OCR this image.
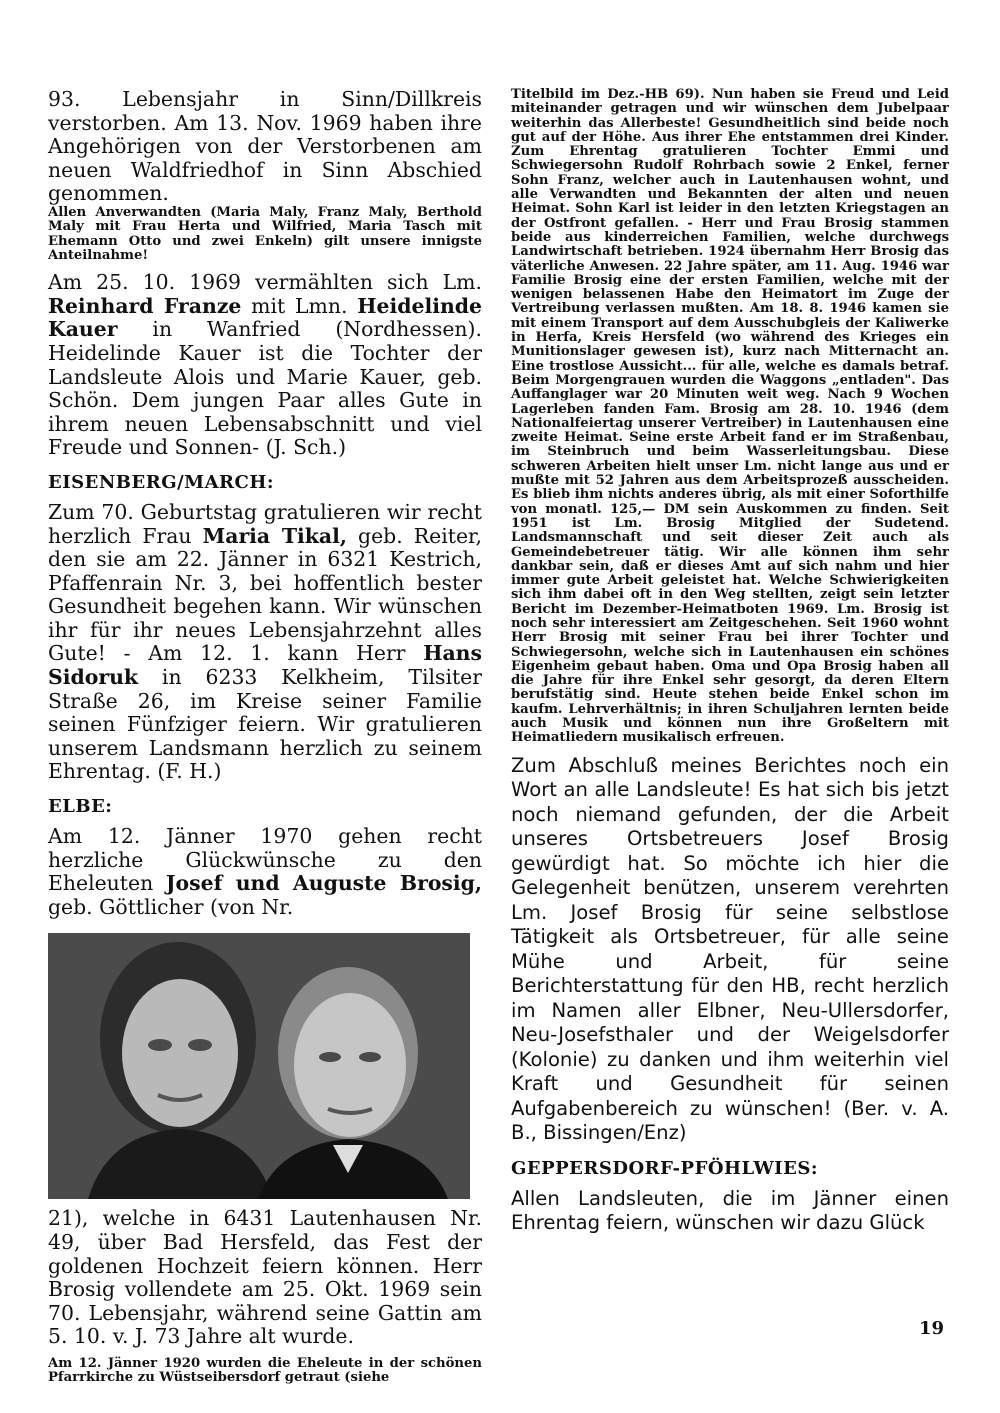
93. Lebensjahr in Sinn/Dillkreis verstorben. Am 13. Nov. 1969 haben ihre Angehörigen von der Verstorbenen am neuen Waldfriedhof in Sinn Abschied genommen.

Allen Anverwandten (Maria Maly, Franz Maly, Berthold Maly mit Frau Herta und Wilfried, Maria Tasch mit Ehemann Otto und zwei Enkeln) gilt unsere innigste Anteilnahme!

Am 25. 10. 1969 vermählten sich Lm. Reinhard Franze mit Lmn. Heidelinde Kauer in Wanfried (Nordhessen). Heidelinde Kauer ist die Tochter der Landsleute Alois und Marie Kauer, geb. Schön. Dem jungen Paar alles Gute in ihrem neuen Lebensabschnitt und viel Freude und Sonnen- (J. Sch.)

EISENBERG/MARCH:

Zum 70. Geburtstag gratulieren wir recht herzlich Frau Maria Tikal, geb. Reiter, den sie am 22. Jänner in 6321 Kestrich, Pfaffenrain Nr. 3, bei hoffentlich bester Gesundheit begehen kann. Wir wünschen ihr für ihr neues Lebensjahrzehnt alles Gute! - Am 12. 1. kann Herr Hans Sidoruk in 6233 Kelkheim, Tilsiter Straße 26, im Kreise seiner Familie seinen Fünfziger feiern. Wir gratulieren unserem Landsmann herzlich zu seinem Ehrentag. (F. H.)

ELBE:

Am 12. Jänner 1970 gehen recht herzliche Glückwünsche zu den Eheleuten Josef und Auguste Brosig, geb. Göttlicher (von Nr.

21), welche in 6431 Lautenhausen Nr. 49, über Bad Hersfeld, das Fest der goldenen Hochzeit feiern können. Herr Brosig vollendete am 25. Okt. 1969 sein 70. Lebensjahr, während seine Gattin am 5. 10. v. J. 73 Jahre alt wurde.

Am 12. Jänner 1920 wurden die Eheleute in der schönen Pfarrkirche zu Wüstseibersdorf getraut (siehe

Titelbild im Dez.-HB 69). Nun haben sie Freud und Leid miteinander getragen und wir wünschen dem Jubelpaar weiterhin das Allerbeste! Gesundheitlich sind beide noch gut auf der Höhe. Aus ihrer Ehe entstammen drei Kinder. Zum Ehrentag gratulieren Tochter Emmi und Schwiegersohn Rudolf Rohrbach sowie 2 Enkel, ferner Sohn Franz, welcher auch in Lautenhausen wohnt, und alle Verwandten und Bekannten der alten und neuen Heimat. Sohn Karl ist leider in den letzten Kriegstagen an der Ostfront gefallen. - Herr und Frau Brosig stammen beide aus kinderreichen Familien, welche durchwegs Landwirtschaft betrieben. 1924 übernahm Herr Brosig das väterliche Anwesen. 22 Jahre später, am 11. Aug. 1946 war Familie Brosig eine der ersten Familien, welche mit der wenigen belassenen Habe den Heimatort im Zuge der Vertreibung verlassen mußten. Am 18. 8. 1946 kamen sie mit einem Transport auf dem Ausschubgleis der Kaliwerke in Herfa, Kreis Hersfeld (wo während des Krieges ein Munitionslager gewesen ist), kurz nach Mitternacht an. Eine trostlose Aussicht... für alle, welche es damals betraf. Beim Morgengrauen wurden die Waggons „entladen". Das Auffanglager war 20 Minuten weit weg. Nach 9 Wochen Lagerleben fanden Fam. Brosig am 28. 10. 1946 (dem Nationalfeiertag unserer Vertreiber) in Lautenhausen eine zweite Heimat. Seine erste Arbeit fand er im Straßenbau, im Steinbruch und beim Wasserleitungsbau. Diese schweren Arbeiten hielt unser Lm. nicht lange aus und er mußte mit 52 Jahren aus dem Arbeitsprozeß ausscheiden. Es blieb ihm nichts anderes übrig, als mit einer Soforthilfe von monatl. 125,— DM sein Auskommen zu finden. Seit 1951 ist Lm. Brosig Mitglied der Sudetend. Landsmannschaft und seit dieser Zeit auch als Gemeindebetreuer tätig. Wir alle können ihm sehr dankbar sein, daß er dieses Amt auf sich nahm und hier immer gute Arbeit geleistet hat. Welche Schwierigkeiten sich ihm dabei oft in den Weg stellten, zeigt sein letzter Bericht im Dezember-Heimatboten 1969. Lm. Brosig ist noch sehr interessiert am Zeitgeschehen. Seit 1960 wohnt Herr Brosig mit seiner Frau bei ihrer Tochter und Schwiegersohn, welche sich in Lautenhausen ein schönes Eigenheim gebaut haben. Oma und Opa Brosig haben all die Jahre für ihre Enkel sehr gesorgt, da deren Eltern berufstätig sind. Heute stehen beide Enkel schon im kaufm. Lehrverhältnis; in ihren Schuljahren lernten beide auch Musik und können nun ihre Großeltern mit Heimatliedern musikalisch erfreuen.

Zum Abschluß meines Berichtes noch ein Wort an alle Landsleute! Es hat sich bis jetzt noch niemand gefunden, der die Arbeit unseres Ortsbetreuers Josef Brosig gewürdigt hat. So möchte ich hier die Gelegenheit benützen, unserem verehrten Lm. Josef Brosig für seine selbstlose Tätigkeit als Ortsbetreuer, für alle seine Mühe und Arbeit, für seine Berichterstattung für den HB, recht herzlich im Namen aller Elbner, Neu-Ullersdorfer, Neu-Josefsthaler und der Weigelsdorfer (Kolonie) zu danken und ihm weiterhin viel Kraft und Gesundheit für seinen Aufgabenbereich zu wünschen! (Ber. v. A. B., Bissingen/Enz)

GEPPERSDORF-PFÖHLWIES:

Allen Landsleuten, die im Jänner einen Ehrentag feiern, wünschen wir dazu Glück

19
